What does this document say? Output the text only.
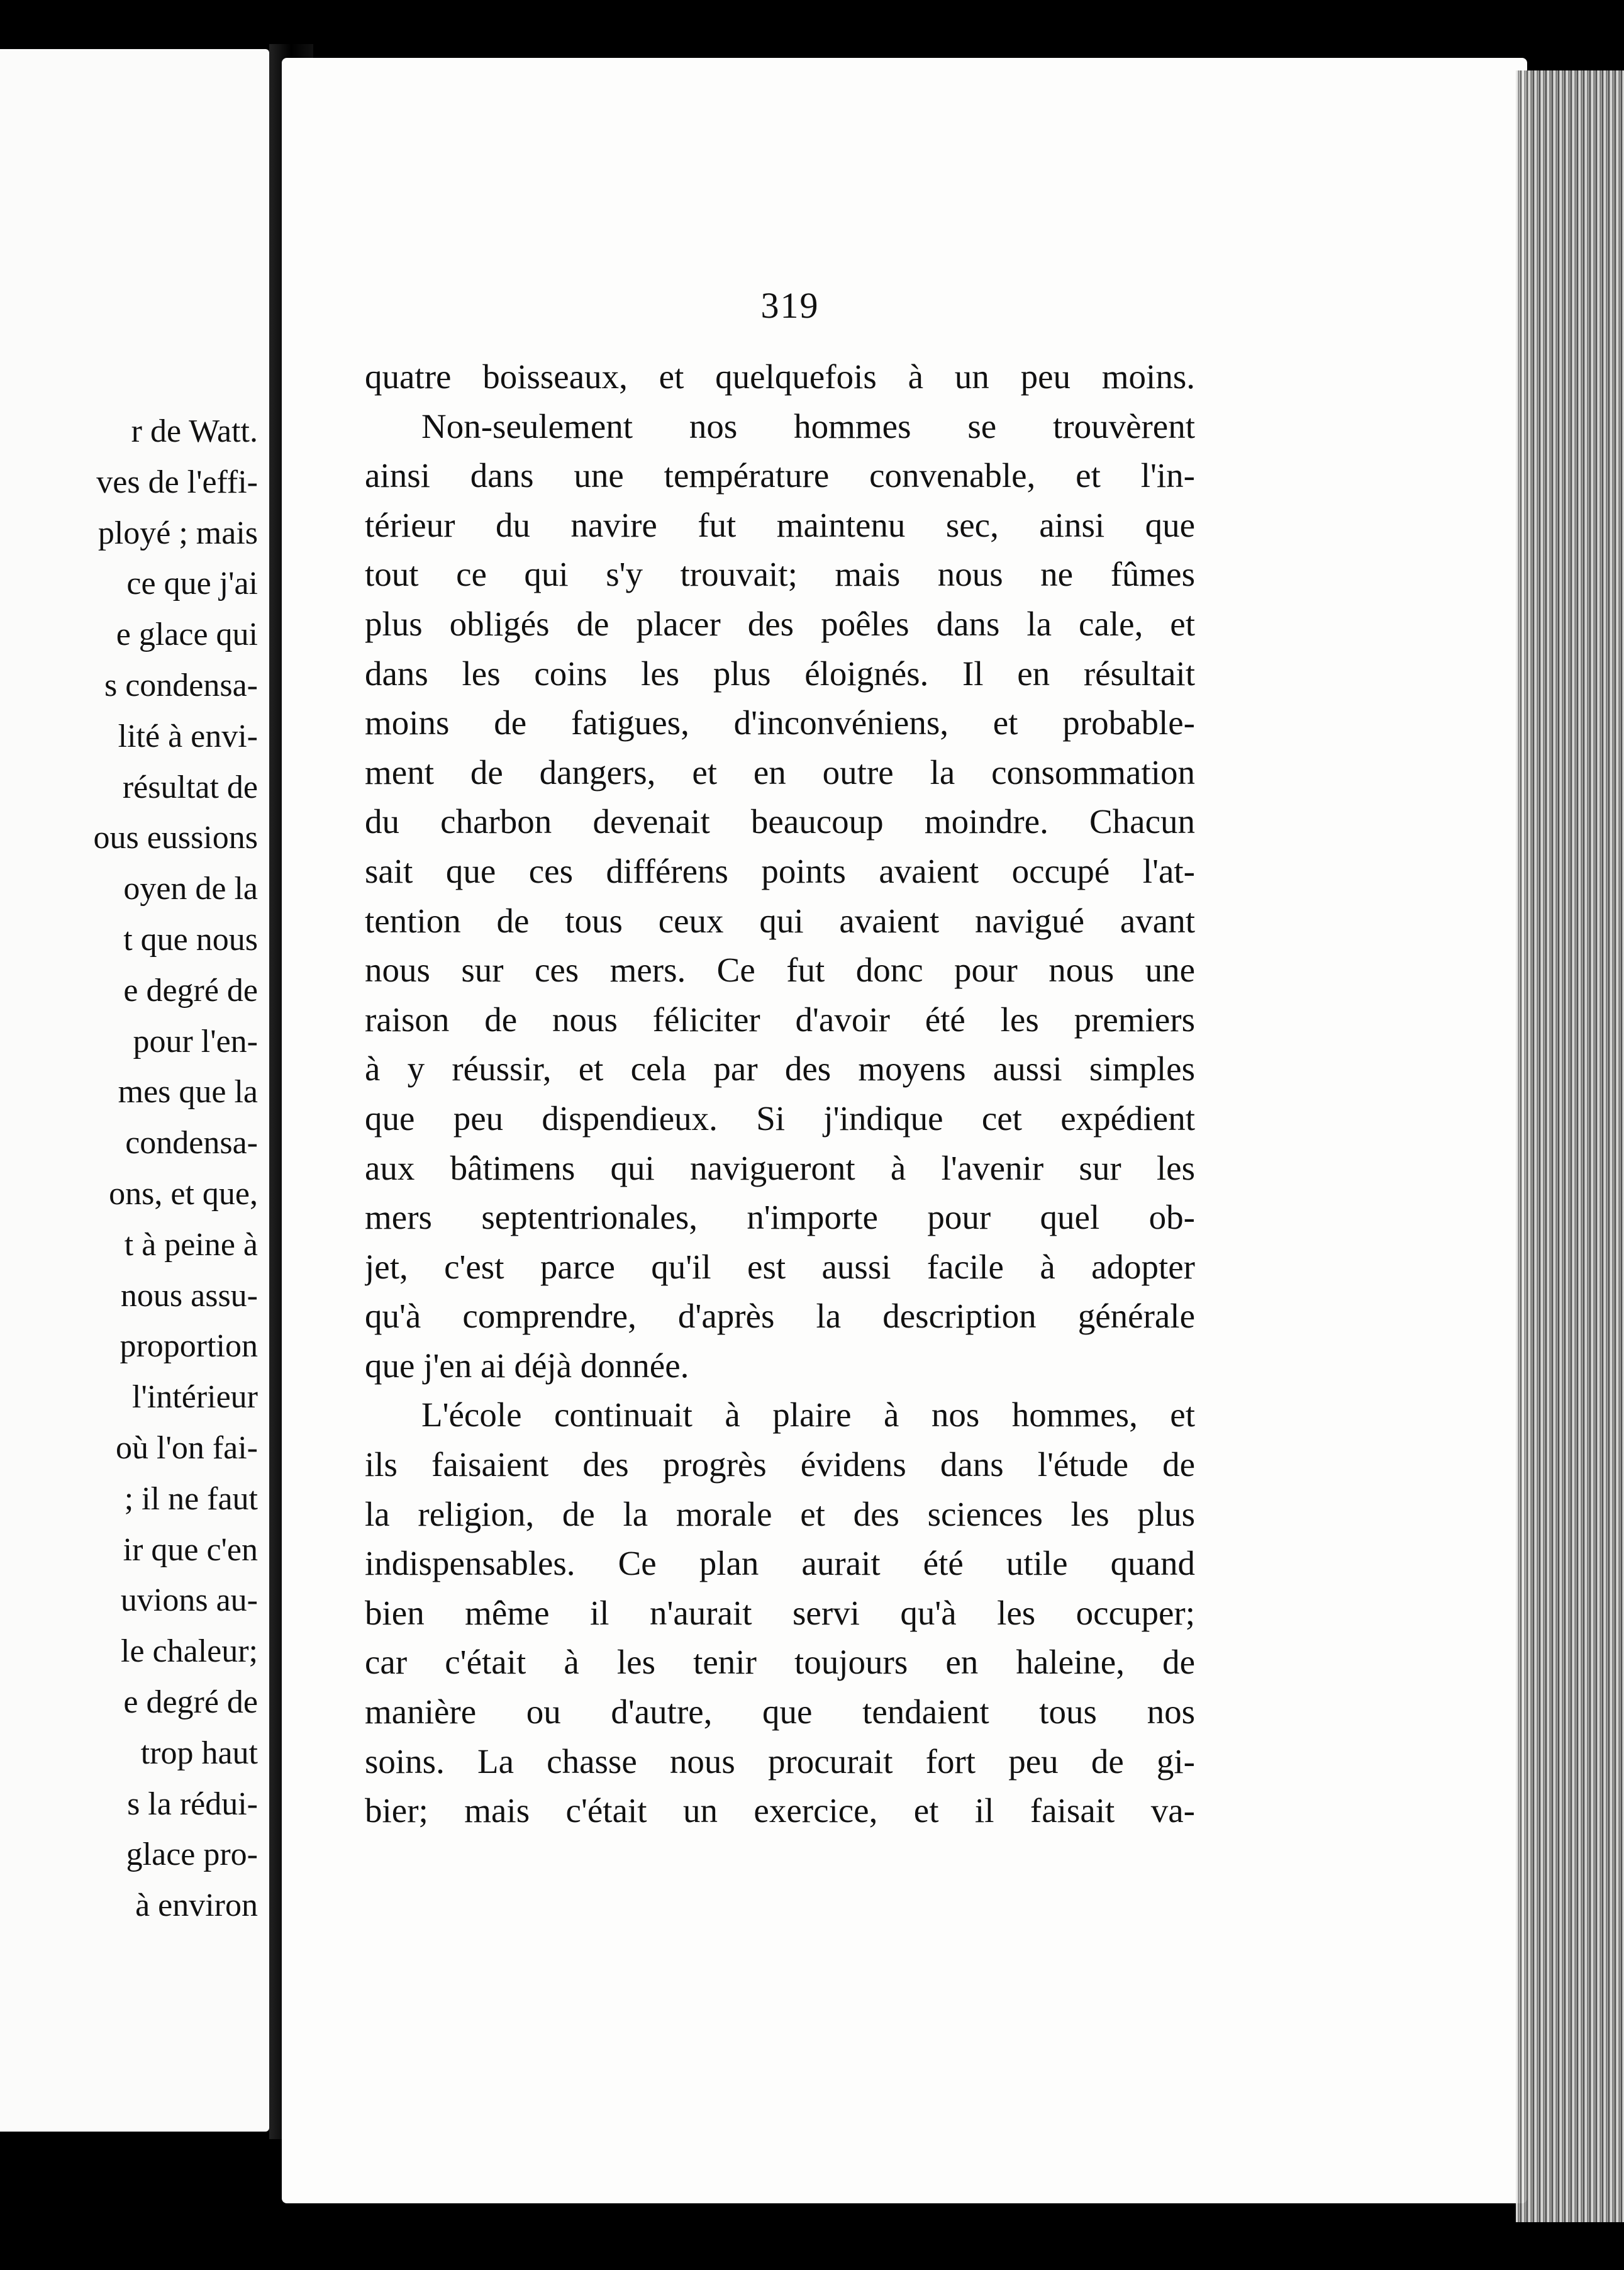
r de Watt.
ves de l'effi-
ployé ; mais
ce que j'ai
e glace qui
s condensa-
lité à envi-
résultat de
ous eussions
oyen de la
t que nous
e degré de
pour l'en-
mes que la
condensa-
ons, et que,
t à peine à
nous assu-
proportion
l'intérieur
où l'on fai-
; il ne faut
ir que c'en
uvions au-
le chaleur;
e degré de
trop haut
s la rédui-
glace pro-
à environ
319
quatre boisseaux, et quelquefois à un peu moins.
Non-seulement nos hommes se trouvèrent
ainsi dans une température convenable, et l'in-
térieur du navire fut maintenu sec, ainsi que
tout ce qui s'y trouvait; mais nous ne fûmes
plus obligés de placer des poêles dans la cale, et
dans les coins les plus éloignés. Il en résultait
moins de fatigues, d'inconvéniens, et probable-
ment de dangers, et en outre la consommation
du charbon devenait beaucoup moindre. Chacun
sait que ces différens points avaient occupé l'at-
tention de tous ceux qui avaient navigué avant
nous sur ces mers. Ce fut donc pour nous une
raison de nous féliciter d'avoir été les premiers
à y réussir, et cela par des moyens aussi simples
que peu dispendieux. Si j'indique cet expédient
aux bâtimens qui navigueront à l'avenir sur les
mers septentrionales, n'importe pour quel ob-
jet, c'est parce qu'il est aussi facile à adopter
qu'à comprendre, d'après la description générale
que j'en ai déjà donnée.
L'école continuait à plaire à nos hommes, et
ils faisaient des progrès évidens dans l'étude de
la religion, de la morale et des sciences les plus
indispensables. Ce plan aurait été utile quand
bien même il n'aurait servi qu'à les occuper;
car c'était à les tenir toujours en haleine, de
manière ou d'autre, que tendaient tous nos
soins. La chasse nous procurait fort peu de gi-
bier; mais c'était un exercice, et il faisait va-
